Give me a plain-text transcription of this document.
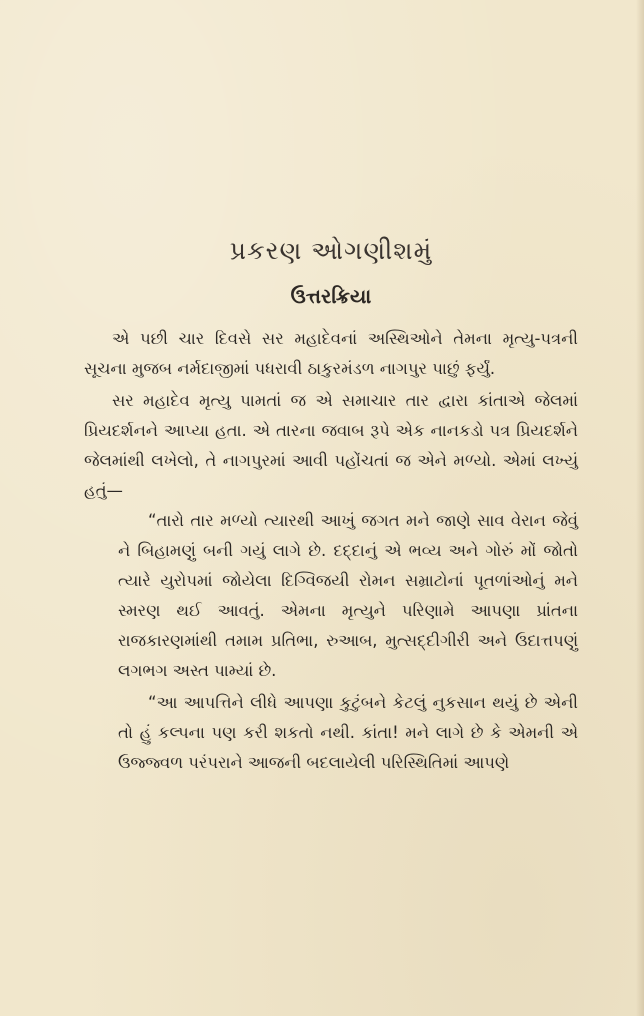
પ્રકરણ ઓગણીશમું
ઉત્તરક્રિયા

એ પછી ચાર દિવસે સર મહાદેવનાં અસ્થિઓને તેમના મૃત્યુ-પત્રની સૂચના મુજબ નર્મદાજીમાં પધરાવી ઠાકુરમંડળ નાગપુર પાછું ફર્યું.

સર મહાદેવ મૃત્યુ પામતાં જ એ સમાચાર તાર દ્વારા કાંતાએ જેલમાં પ્રિયદર્શનને આપ્યા હતા. એ તારના જવાબ રૂપે એક નાનકડો પત્ર પ્રિયદર્શને જેલમાંથી લખેલો, તે નાગપુરમાં આવી પહોંચતાં જ એને મળ્યો. એમાં લખ્યું હતું—

“તારો તાર મળ્યો ત્યારથી આખું જગત મને જાણે સાવ વેરાન જેવું ને બિહામણું બની ગયું લાગે છે. દદ્દાનું એ ભવ્ય અને ગોરું મોં જોતો ત્યારે યુરોપમાં જોયેલા દિગ્વિજયી રોમન સમ્રાટોનાં પૂતળાંઓનું મને સ્મરણ થઈ આવતું. એમના મૃત્યુને પરિણામે આપણા પ્રાંતના રાજકારણમાંથી તમામ પ્રતિભા, રુઆબ, મુત્સદ્દીગીરી અને ઉદાત્તપણું લગભગ અસ્ત પામ્યાં છે.

“આ આપત્તિને લીધે આપણા કુટુંબને કેટલું નુકસાન થયું છે એની તો હું કલ્પના પણ કરી શકતો નથી. કાંતા! મને લાગે છે કે એમની એ ઉજ્જ્વળ પરંપરાને આજની બદલાયેલી પરિસ્થિતિમાં આપણે
